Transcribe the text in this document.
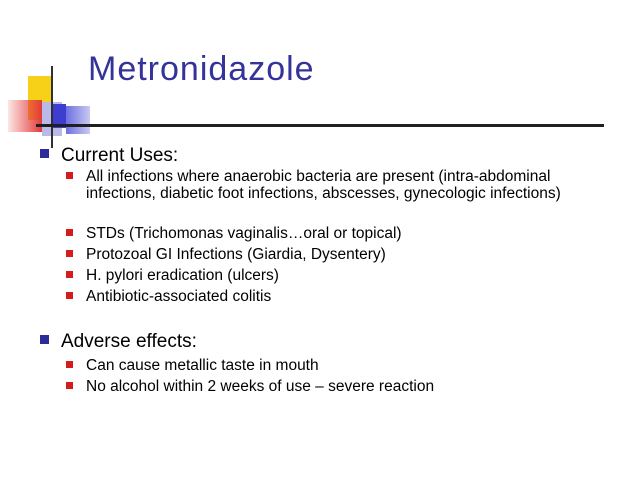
Metronidazole
Current Uses:
All infections where anaerobic bacteria are present (intra-abdominal infections, diabetic foot infections, abscesses, gynecologic infections)
STDs (Trichomonas vaginalis…oral or topical)
Protozoal GI Infections (Giardia, Dysentery)
H. pylori eradication (ulcers)
Antibiotic-associated colitis
Adverse effects:
Can cause metallic taste in mouth
No alcohol within 2 weeks of use – severe reaction
